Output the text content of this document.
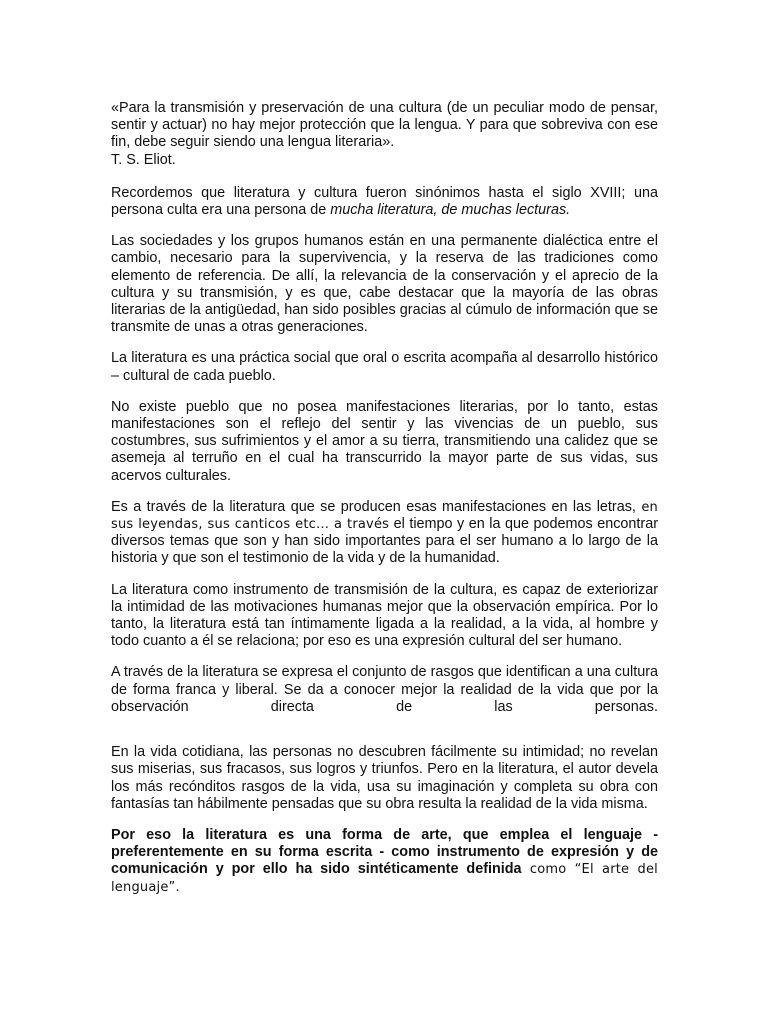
«Para la transmisión y preservación de una cultura (de un peculiar modo de pensar, sentir y actuar) no hay mejor protección que la lengua. Y para que sobreviva con ese fin, debe seguir siendo una lengua literaria».
T. S. Eliot.

Recordemos que literatura y cultura fueron sinónimos hasta el siglo XVIII; una persona culta era una persona de mucha literatura, de muchas lecturas.

Las sociedades y los grupos humanos están en una permanente dialéctica entre el cambio, necesario para la supervivencia, y la reserva de las tradiciones como elemento de referencia. De allí, la relevancia de la conservación y el aprecio de la cultura y su transmisión, y es que, cabe destacar que la mayoría de las obras literarias de la antigüedad, han sido posibles gracias al cúmulo de información que se transmite de unas a otras generaciones.

La literatura es una práctica social que oral o escrita acompaña al desarrollo histórico – cultural de cada pueblo.

No existe pueblo que no posea manifestaciones literarias, por lo tanto, estas manifestaciones son el reflejo del sentir y las vivencias de un pueblo, sus costumbres, sus sufrimientos y el amor a su tierra, transmitiendo una calidez que se asemeja al terruño en el cual ha transcurrido la mayor parte de sus vidas, sus acervos culturales.

Es a través de la literatura que se producen esas manifestaciones en las letras, en sus leyendas, sus canticos etc… a través el tiempo y en la que podemos encontrar diversos temas que son y han sido importantes para el ser humano a lo largo de la historia y que son el testimonio de la vida y de la humanidad.

La literatura como instrumento de transmisión de la cultura, es capaz de exteriorizar la intimidad de las motivaciones humanas mejor que la observación empírica. Por lo tanto, la literatura está tan íntimamente ligada a la realidad, a la vida, al hombre y todo cuanto a él se relaciona; por eso es una expresión cultural del ser humano.

A través de la literatura se expresa el conjunto de rasgos que identifican a una cultura de forma franca y liberal. Se da a conocer mejor la realidad de la vida que por la observación directa de las personas.

En la vida cotidiana, las personas no descubren fácilmente su intimidad; no revelan sus miserias, sus fracasos, sus logros y triunfos. Pero en la literatura, el autor devela los más recónditos rasgos de la vida, usa su imaginación y completa su obra con fantasías tan hábilmente pensadas que su obra resulta la realidad de la vida misma.

Por eso la literatura es una forma de arte, que emplea el lenguaje - preferentemente en su forma escrita - como instrumento de expresión y de comunicación y por ello ha sido sintéticamente definida como “El arte del lenguaje”.
